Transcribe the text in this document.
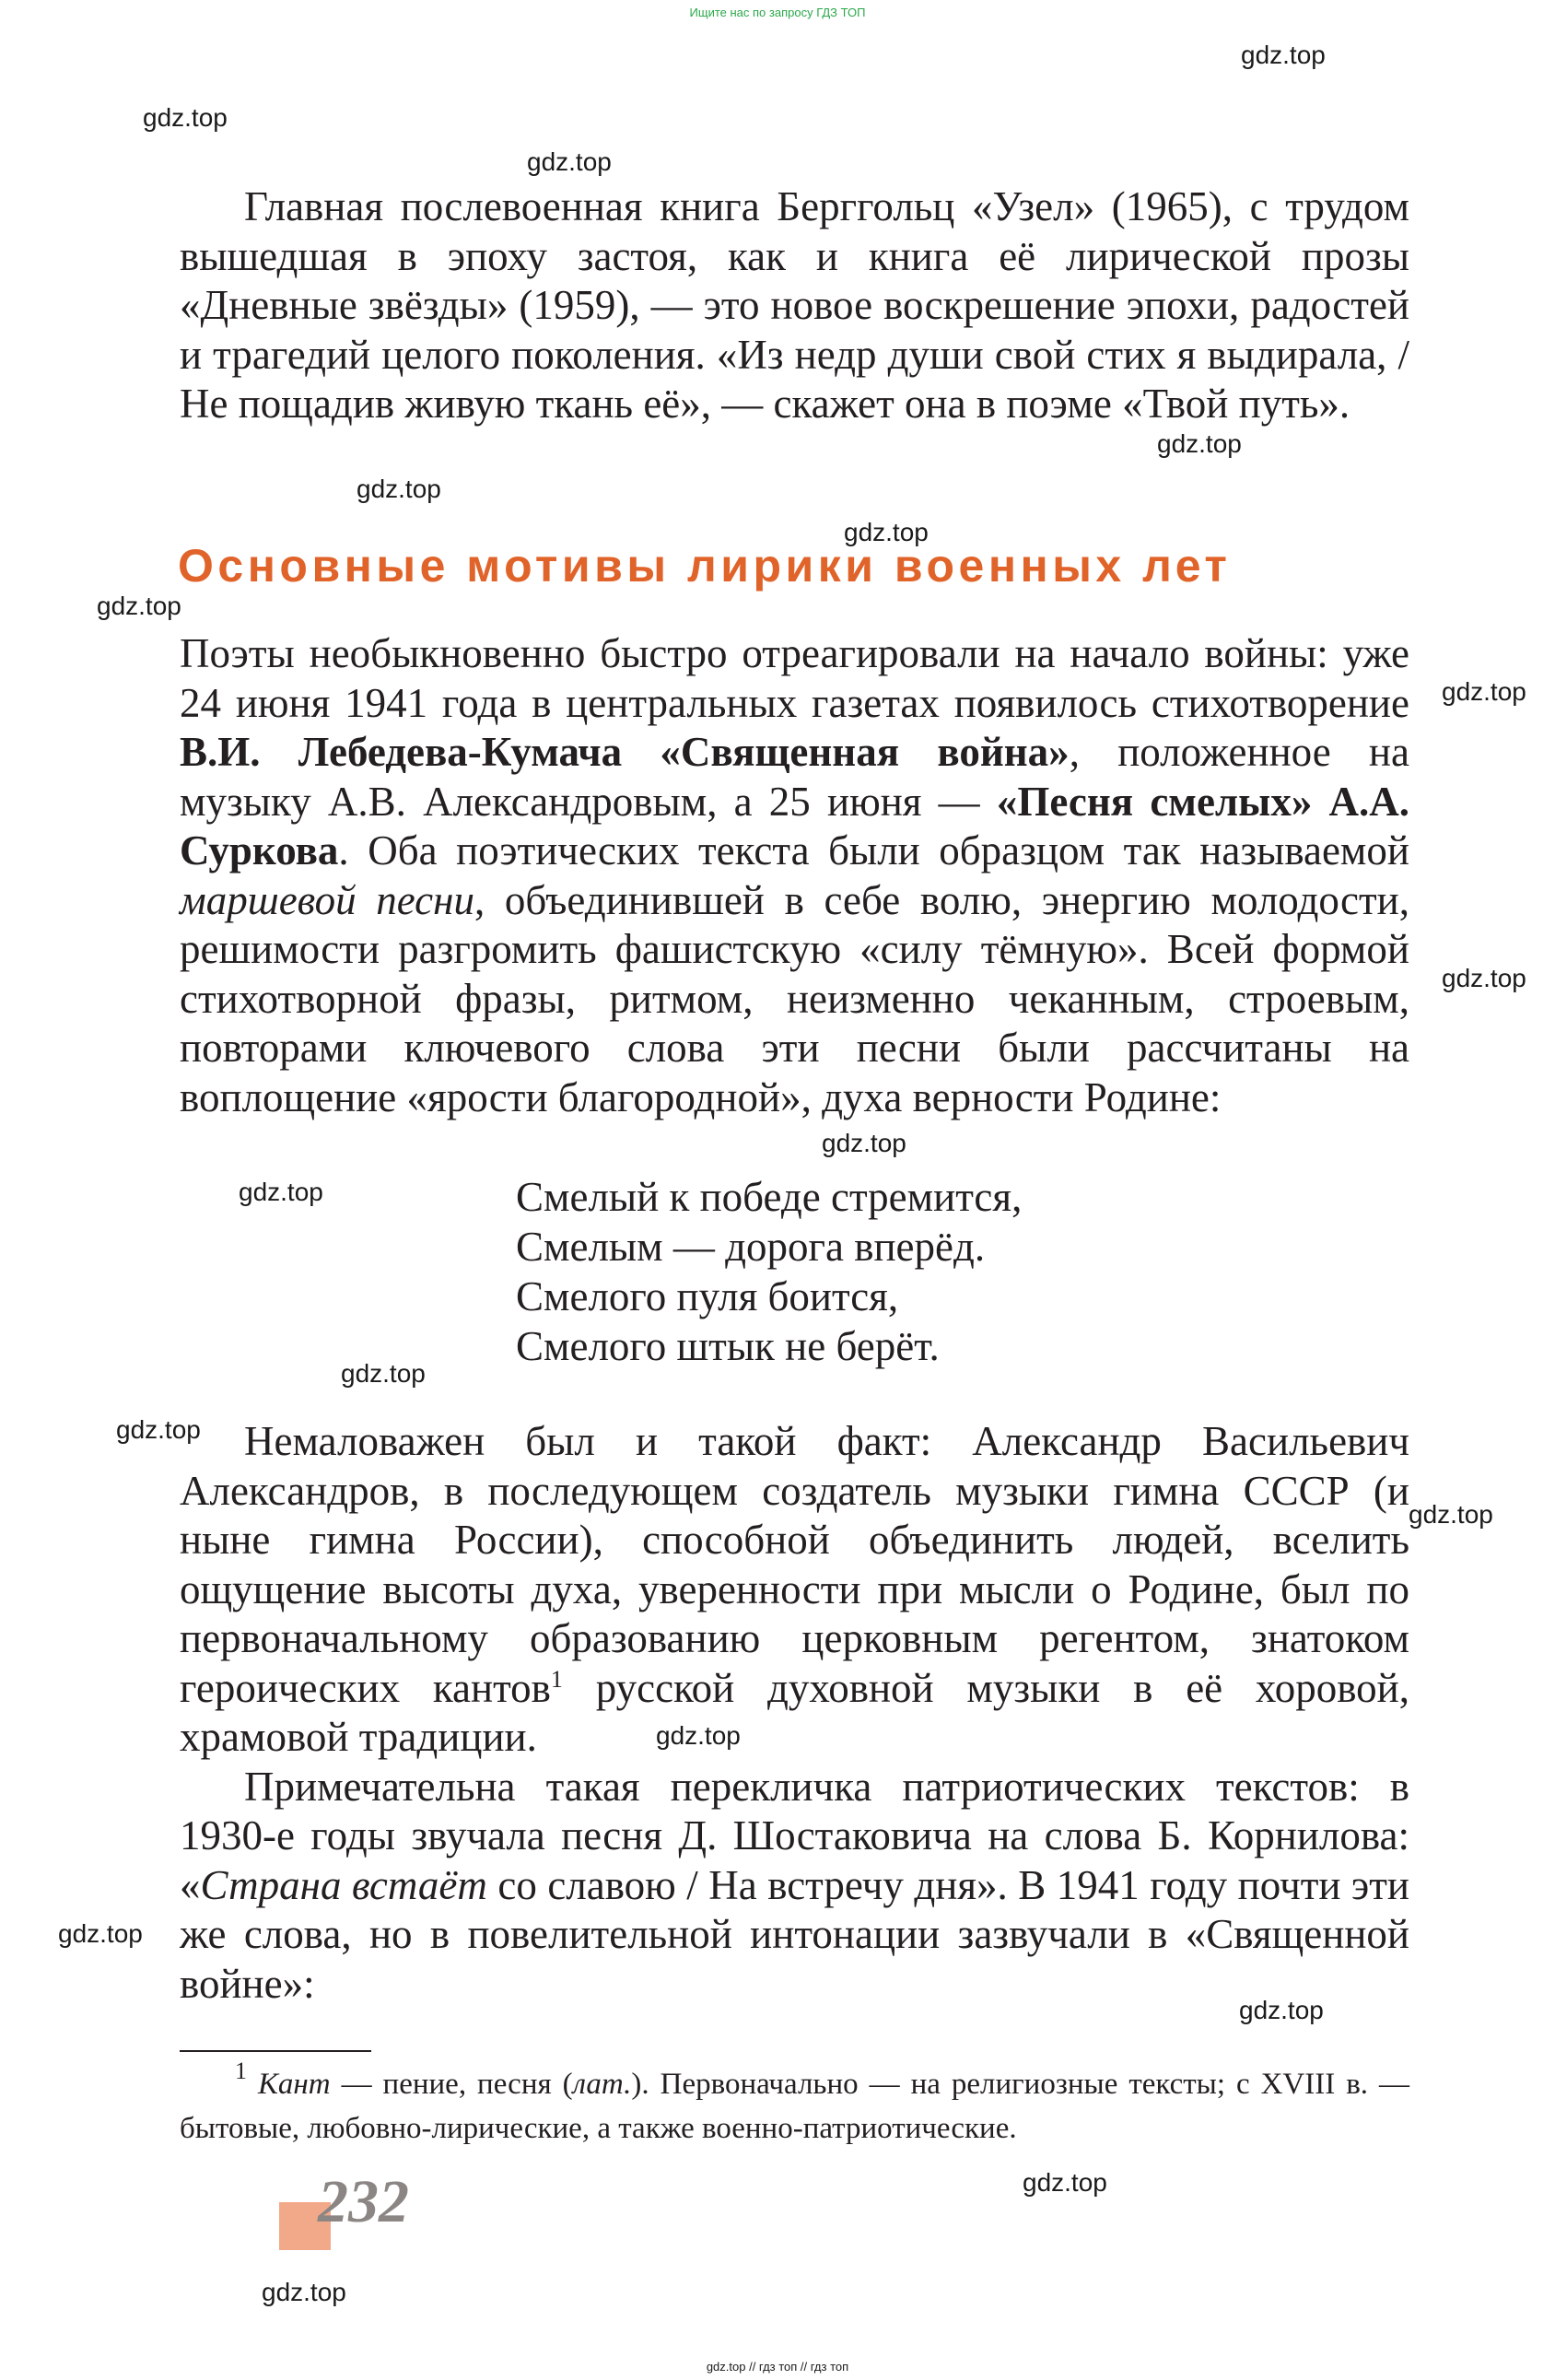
Ищите нас по запросу ГДЗ ТОП

Главная послевоенная книга Берггольц «Узел» (1965), с трудом вышедшая в эпоху застоя, как и книга её лирической прозы «Дневные звёзды» (1959), — это новое воскрешение эпохи, радостей и трагедий целого поколения. «Из недр души свой стих я выдирала, / Не пощадив живую ткань её», — скажет она в поэме «Твой путь».

Основные мотивы лирики военных лет

Поэты необыкновенно быстро отреагировали на начало войны: уже 24 июня 1941 года в центральных газетах появилось стихотворение В.И. Лебедева-Кумача «Священная война», положенное на музыку А.В. Александровым, а 25 июня — «Песня смелых» А.А. Суркова. Оба поэтических текста были образцом так называемой маршевой песни, объединившей в себе волю, энергию молодости, решимости разгромить фашистскую «силу тёмную». Всей формой стихотворной фразы, ритмом, неизменно чеканным, строевым, повторами ключевого слова эти песни были рассчитаны на воплощение «ярости благородной», духа верности Родине:

Смелый к победе стремится,
Смелым — дорога вперёд.
Смелого пуля боится,
Смелого штык не берёт.

Немаловажен был и такой факт: Александр Васильевич Александров, в последующем создатель музыки гимна СССР (и ныне гимна России), способной объединить людей, вселить ощущение высоты духа, уверенности при мысли о Родине, был по первоначальному образованию церковным регентом, знатоком героических кантов$^1$ русской духовной музыки в её хоровой, храмовой традиции.

Примечательна такая перекличка патриотических текстов: в 1930-е годы звучала песня Д. Шостаковича на слова Б. Корнилова: «Страна встаёт со славою / На встречу дня». В 1941 году почти эти же слова, но в повелительной интонации зазвучали в «Священной войне»:

$^1$ Кант — пение, песня (лат.). Первоначально — на религиозные тексты; с XVIII в. — бытовые, любовно-лирические, а также военно-патриотические.

232
gdz.top
gdz.top
gdz.top
gdz.top
gdz.top
gdz.top
gdz.top
gdz.top
gdz.top
gdz.top
gdz.top
gdz.top
gdz.top
gdz.top
gdz.top
gdz.top
gdz.top
gdz.top
gdz.top
gdz.top // гдз топ // гдз топ
